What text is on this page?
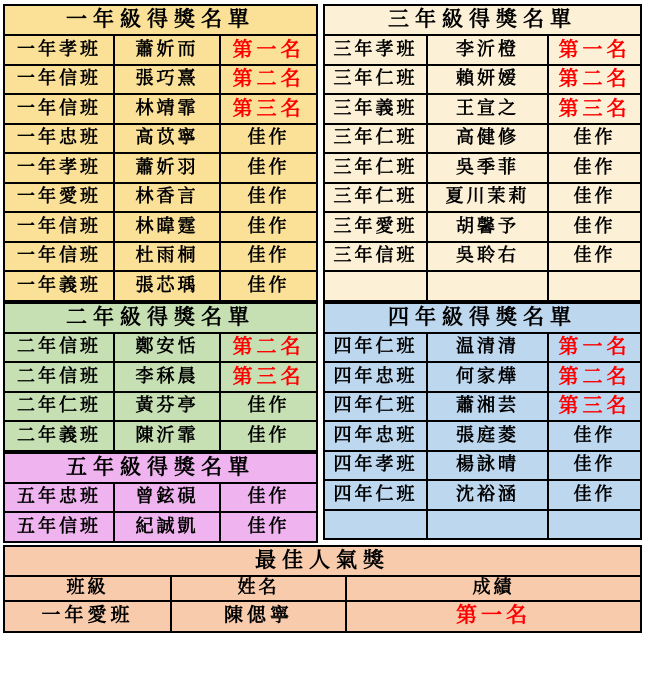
一年級得獎名單		
一年孝班	蕭妡而	第一名
一年信班	張巧熹	第二名
一年信班	林靖霏	第三名
一年忠班	高苡寧	佳作
一年孝班	蕭妡羽	佳作
一年愛班	林香言	佳作
一年信班	林暐霆	佳作
一年信班	杜雨桐	佳作
一年義班	張芯瑀	佳作
二年級得獎名單		
二年信班	鄭安恬	第二名
二年信班	李秝晨	第三名
二年仁班	黃芬亭	佳作
二年義班	陳沂霏	佳作
五年級得獎名單		
五年忠班	曾鉉硯	佳作
五年信班	紀誠凱	佳作
三年級得獎名單		
三年孝班	李沂橙	第一名
三年仁班	賴妍嫒	第二名
三年義班	王宣之	第三名
三年仁班	高健修	佳作
三年仁班	吳季菲	佳作
三年仁班	夏川茉莉	佳作
三年愛班	胡馨予	佳作
三年信班	吳聆右	佳作

四年級得獎名單		
四年仁班	温清清	第一名
四年忠班	何家燁	第二名
四年仁班	蕭湘芸	第三名
四年忠班	張庭菱	佳作
四年孝班	楊詠晴	佳作
四年仁班	沈裕涵	佳作

最佳人氣獎		
班級	姓名	成績
一年愛班	陳偲寧	第一名
